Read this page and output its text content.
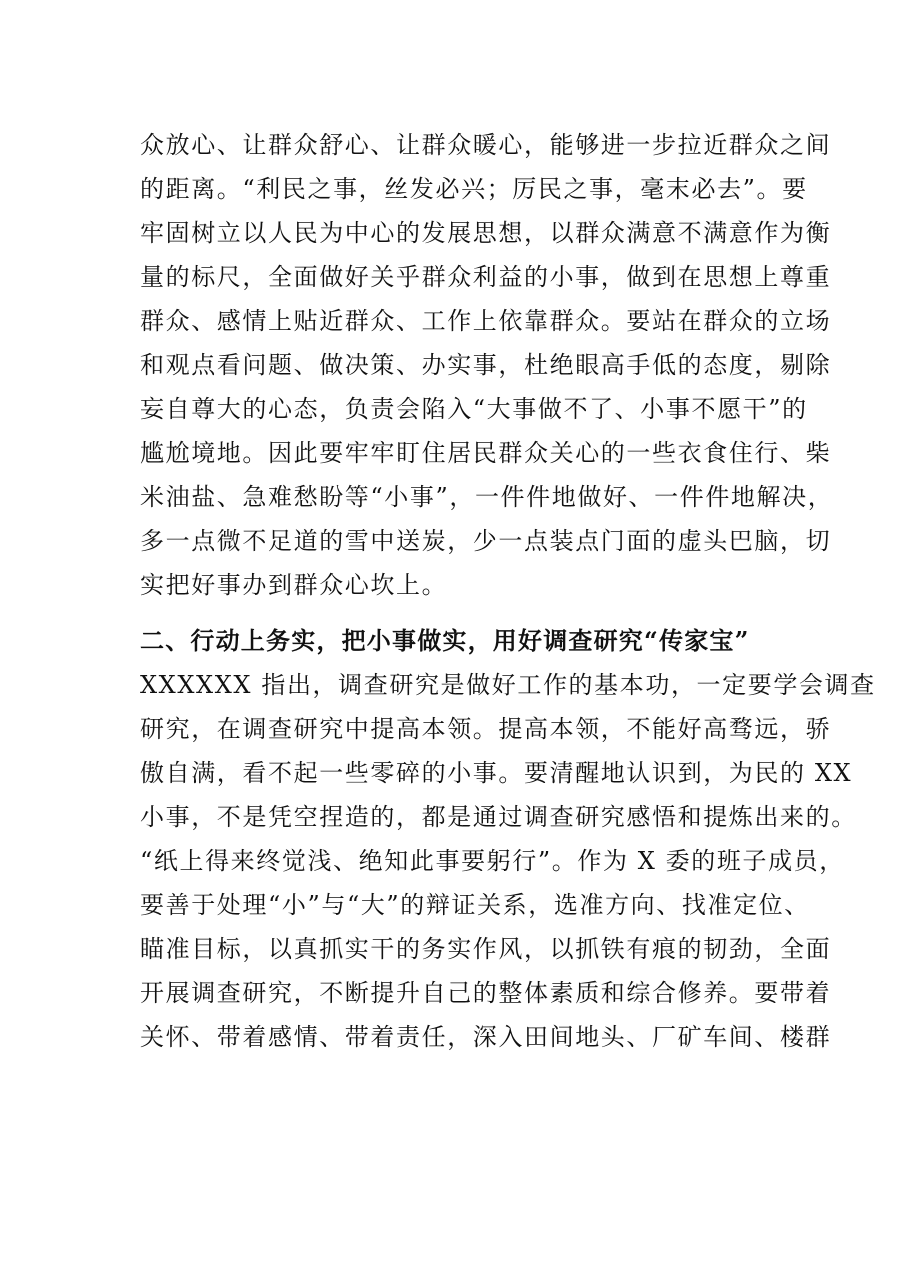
众放心、让群众舒心、让群众暖心，能够进一步拉近群众之间
的距离。“利民之事，丝发必兴；厉民之事，毫末必去”。要
牢固树立以人民为中心的发展思想，以群众满意不满意作为衡
量的标尺，全面做好关乎群众利益的小事，做到在思想上尊重
群众、感情上贴近群众、工作上依靠群众。要站在群众的立场
和观点看问题、做决策、办实事，杜绝眼高手低的态度，剔除
妄自尊大的心态，负责会陷入“大事做不了、小事不愿干”的
尴尬境地。因此要牢牢盯住居民群众关心的一些衣食住行、柴
米油盐、急难愁盼等“小事”，一件件地做好、一件件地解决，
多一点微不足道的雪中送炭，少一点装点门面的虚头巴脑，切
实把好事办到群众心坎上。
二、行动上务实，把小事做实，用好调查研究“传家宝”
XXXXXX 指出，调查研究是做好工作的基本功，一定要学会调查
研究，在调查研究中提高本领。提高本领，不能好高骛远，骄
傲自满，看不起一些零碎的小事。要清醒地认识到，为民的 XX
小事，不是凭空捏造的，都是通过调查研究感悟和提炼出来的。
“纸上得来终觉浅、绝知此事要躬行”。作为 X 委的班子成员，
要善于处理“小”与“大”的辩证关系，选准方向、找准定位、
瞄准目标，以真抓实干的务实作风，以抓铁有痕的韧劲，全面
开展调查研究，不断提升自己的整体素质和综合修养。要带着
关怀、带着感情、带着责任，深入田间地头、厂矿车间、楼群
